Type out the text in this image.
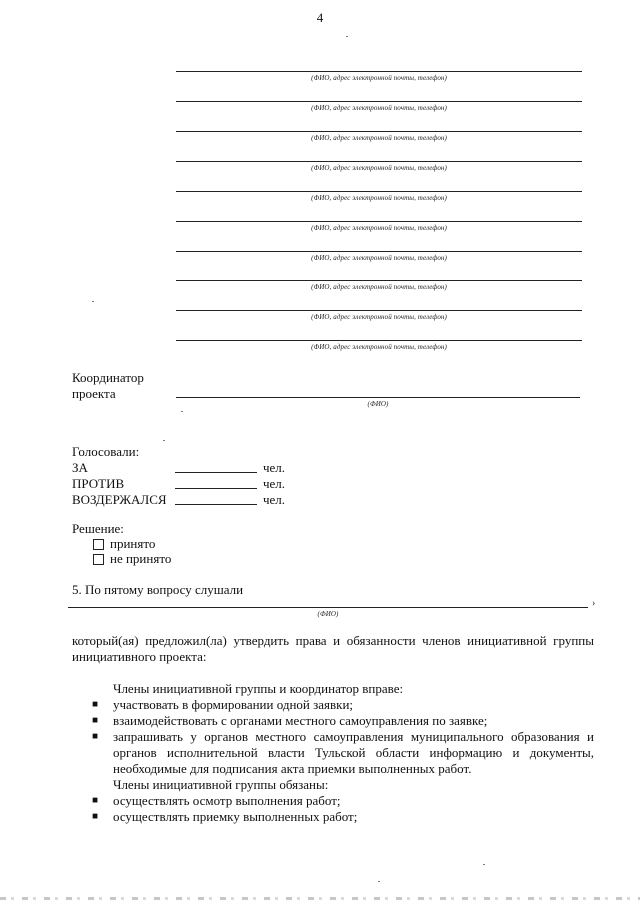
4
(ФИО, адрес электронной почты, телефон)
(ФИО, адрес электронной почты, телефон)
(ФИО, адрес электронной почты, телефон)
(ФИО, адрес электронной почты, телефон)
(ФИО, адрес электронной почты, телефон)
(ФИО, адрес электронной почты, телефон)
(ФИО, адрес электронной почты, телефон)
(ФИО, адрес электронной почты, телефон)
(ФИО, адрес электронной почты, телефон)
(ФИО, адрес электронной почты, телефон)
Координатор
проекта
(ФИО)
Голосовали:
ЗА	чел.
ПРОТИВ	чел.
ВОЗДЕРЖАЛСЯ	чел.
Решение:
принято
не принято
5. По пятому вопросу слушали
›
(ФИО)
который(ая) предложил(ла) утвердить права и обязанности членов инициативной группы инициативного проекта:
Члены инициативной группы и координатор вправе:
■ участвовать в формировании одной заявки;
■ взаимодействовать с органами местного самоуправления по заявке;
■ запрашивать у органов местного самоуправления муниципального образования и органов исполнительной власти Тульской области информацию и документы, необходимые для подписания акта приемки выполненных работ.
Члены инициативной группы обязаны:
■ осуществлять осмотр выполнения работ;
■ осуществлять приемку выполненных работ;
